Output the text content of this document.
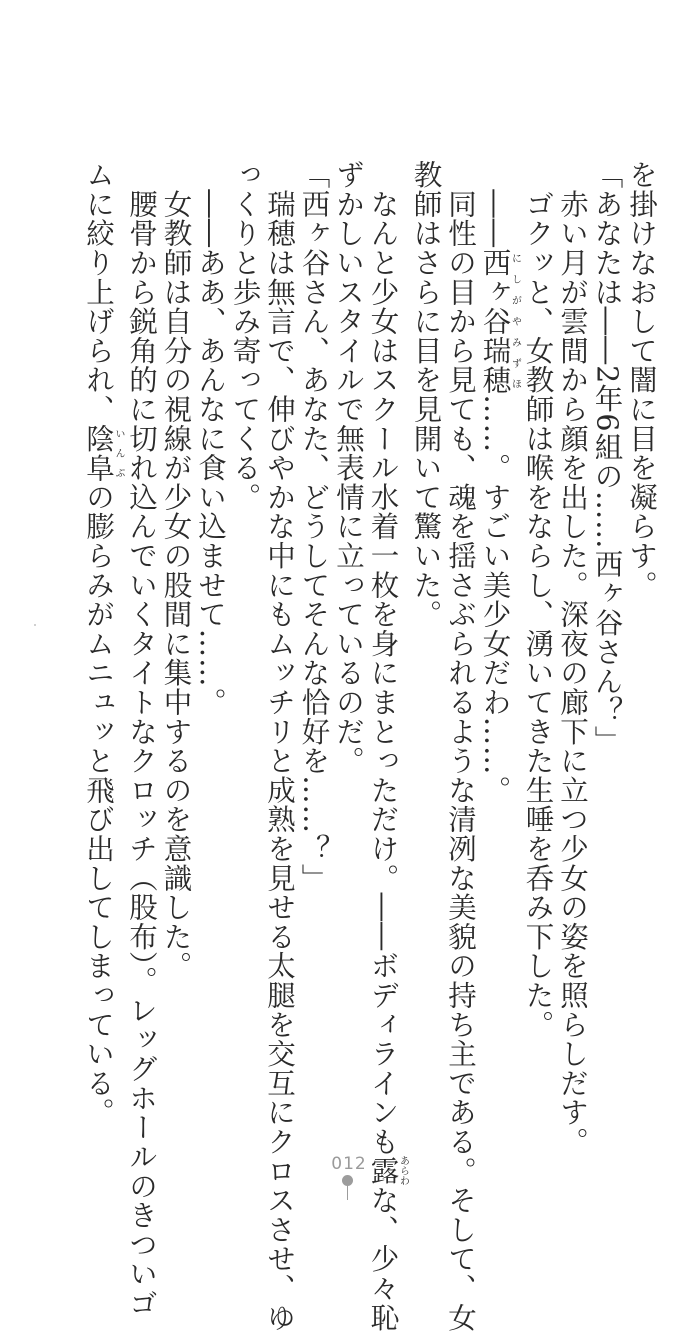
を掛けなおして闇に目を凝らす。
「あなたは――2年6組の……西ヶ谷さん？」
　赤い月が雲間から顔を出した。深夜の廊下に立つ少女の姿を照らしだす。
　ゴクッと、女教師は喉をならし、湧いてきた生唾を呑み下した。
　――西ヶ谷瑞穂にしがやみずほ……。すごい美少女だわ……。
　同性の目から見ても、魂を揺さぶられるような清冽な美貌の持ち主である。そして、女
教師はさらに目を見開いて驚いた。
　なんと少女はスクール水着一枚を身にまとっただけ。――ボディラインも露あらわな、少々恥
ずかしいスタイルで無表情に立っているのだ。
「西ヶ谷さん、あなた、どうしてそんな恰好を……？」
　瑞穂は無言で、伸びやかな中にもムッチリと成熟を見せる太腿を交互にクロスさせ、ゆ
っくりと歩み寄ってくる。
　――ああ、あんなに食い込ませて……。
　女教師は自分の視線が少女の股間に集中するのを意識した。
　腰骨から鋭角的に切れ込んでいくタイトなクロッチ（股布）。レッグホールのきついゴ
ムに絞り上げられ、陰阜いんぷの膨らみがムニュッと飛び出してしまっている。
012
